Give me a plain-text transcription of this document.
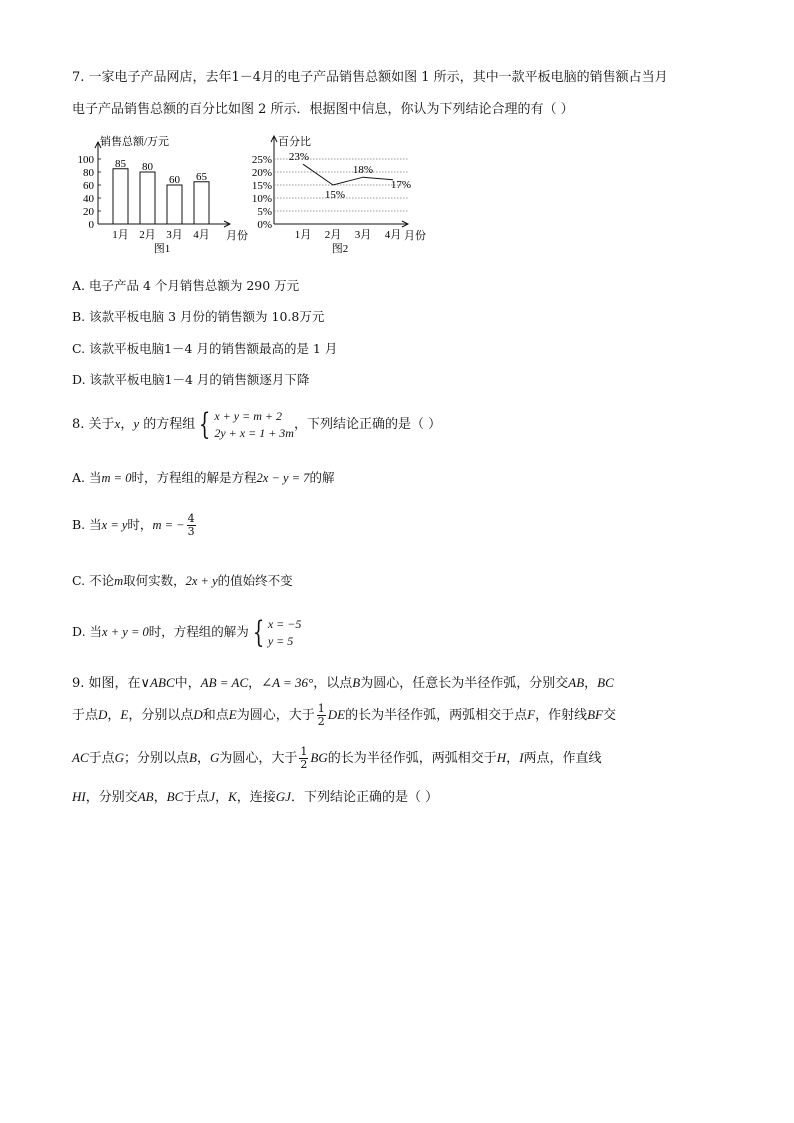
7. 一家电子产品网店，去年1－4月的电子产品销售总额如图 1 所示，其中一款平板电脑的销售额占当月
电子产品销售总额的百分比如图 2 所示．根据图中信息，你认为下列结论合理的有（ ）
销售总额/万元
月份
100
80
60
40
20
0
85
1月
80
2月
60
3月
65
4月
图1
百分比
月份
25%
20%
15%
10%
5%
0%
23%
1月
15%
2月
18%
3月
17%
4月
图2
A. 电子产品 4 个月销售总额为 290 万元
B. 该款平板电脑 3 月份的销售额为 10.8万元
C. 该款平板电脑1－4 月的销售额最高的是 1 月
D. 该款平板电脑1－4 月的销售额逐月下降
8. 关于x，y 的方程组 { x + y = m + 2
2y + x = 1 + 3m
，下列结论正确的是（ ）
A. 当m = 0时，方程组的解是方程2x − y = 7的解
B. 当x = y时，m = − $\frac{4}{3}$
C. 不论m取何实数，2x + y的值始终不变
D. 当x + y = 0时，方程组的解为 { x = −5
y = 5
9. 如图，在∨ABC中，AB = AC，∠A = 36°，以点B为圆心，任意长为半径作弧，分别交AB，BC
于点D，E，分别以点D和点E为圆心，大于 $\frac{1}{2}$ DE的长为半径作弧，两弧相交于点F，作射线BF交
AC于点G；分别以点B，G为圆心，大于 $\frac{1}{2}$ BG的长为半径作弧，两弧相交于H，I两点，作直线
HI，分别交AB，BC于点J，K，连接GJ．下列结论正确的是（ ）
